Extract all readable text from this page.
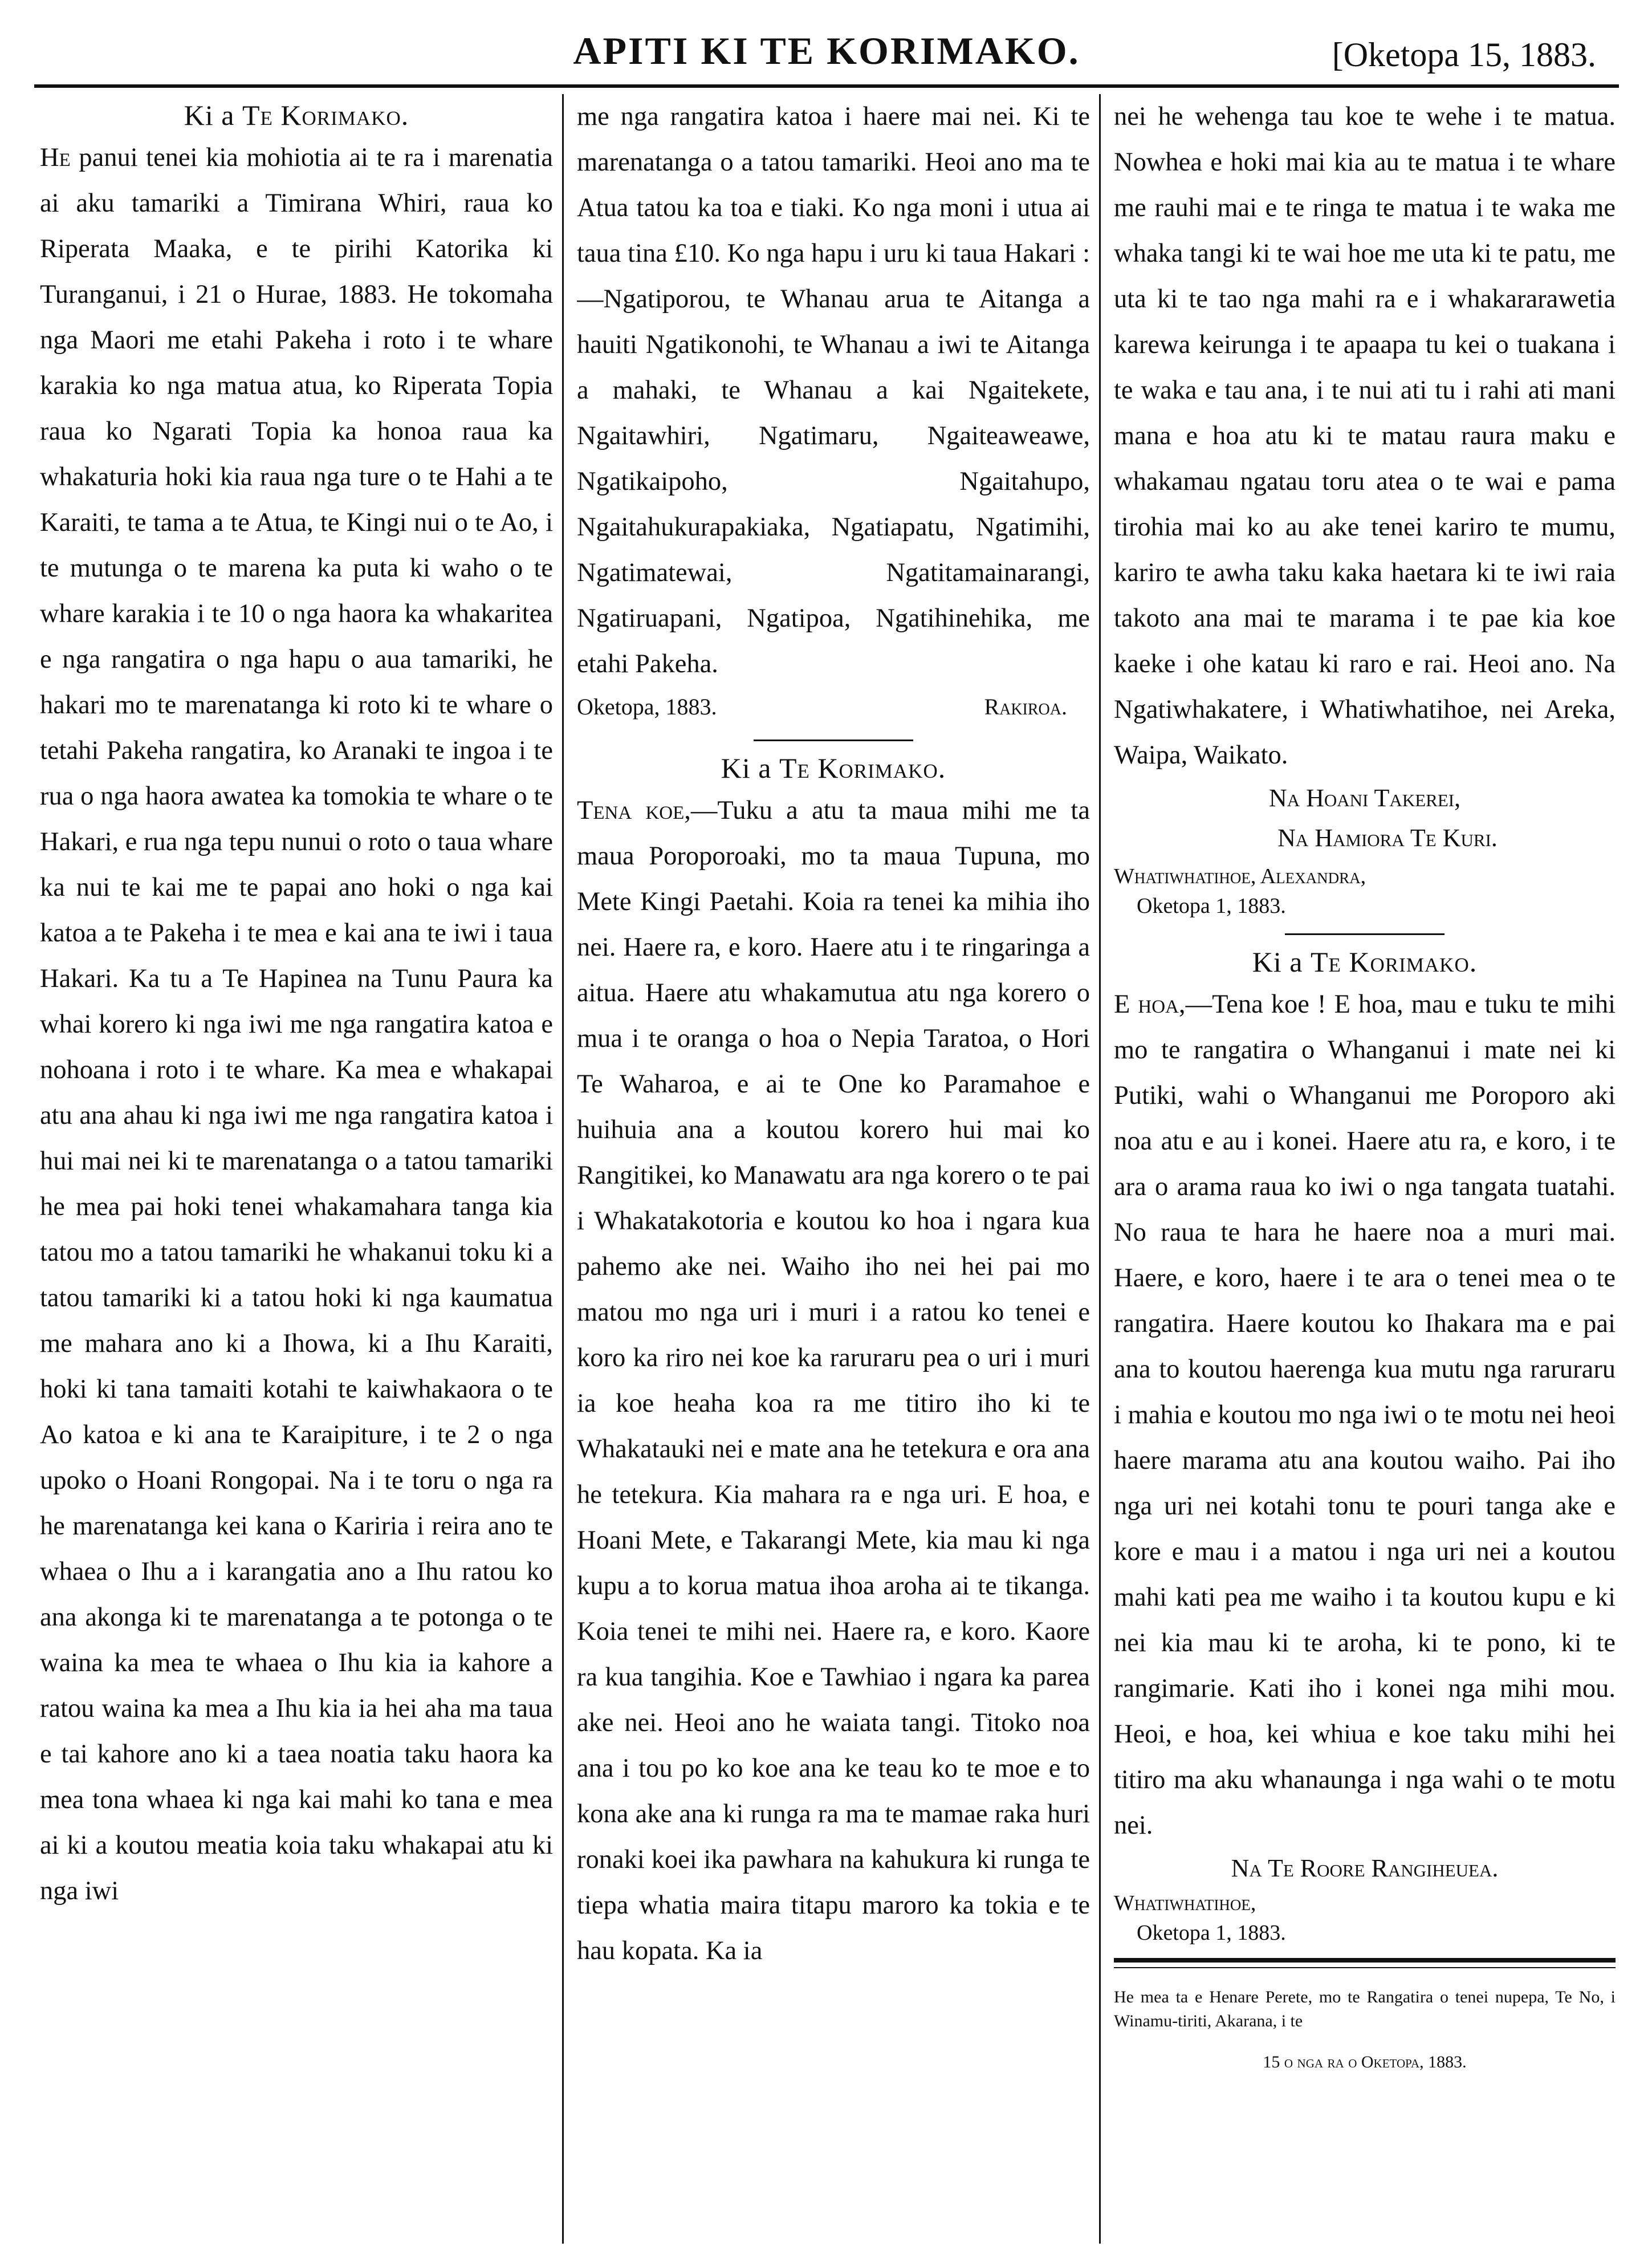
APITI KI TE KORIMAKO.	[Oketopa 15, 1883.
Ki a Te Korimako.

He panui tenei kia mohiotia ai te ra i marenatia ai aku tamariki a Timirana Whiri, raua ko Riperata Maaka, e te pirihi Katorika ki Turanganui, i 21 o Hurae, 1883. He tokomaha nga Maori me etahi Pakeha i roto i te whare karakia ko nga matua atua, ko Riperata Topia raua ko Ngarati Topia ka honoa raua ka whakaturia hoki kia raua nga ture o te Hahi a te Karaiti, te tama a te Atua, te Kingi nui o te Ao, i te mutunga o te marena ka puta ki waho o te whare karakia i te 10 o nga haora ka whakaritea e nga rangatira o nga hapu o aua tamariki, he hakari mo te marenatanga ki roto ki te whare o tetahi Pakeha rangatira, ko Aranaki te ingoa i te rua o nga haora awatea ka tomokia te whare o te Hakari, e rua nga tepu nunui o roto o taua whare ka nui te kai me te papai ano hoki o nga kai katoa a te Pakeha i te mea e kai ana te iwi i taua Hakari. Ka tu a Te Hapinea na Tunu Paura ka whai korero ki nga iwi me nga rangatira katoa e nohoana i roto i te whare. Ka mea e whakapai atu ana ahau ki nga iwi me nga rangatira katoa i hui mai nei ki te marenatanga o a tatou tamariki he mea pai hoki tenei whakamahara tanga kia tatou mo a tatou tamariki he whakanui toku ki a tatou tamariki ki a tatou hoki ki nga kaumatua me mahara ano ki a Ihowa, ki a Ihu Karaiti, hoki ki tana tamaiti kotahi te kaiwhakaora o te Ao katoa e ki ana te Karaipiture, i te 2 o nga upoko o Hoani Rongopai. Na i te toru o nga ra he marenatanga kei kana o Kariria i reira ano te whaea o Ihu a i karangatia ano a Ihu ratou ko ana akonga ki te marenatanga a te potonga o te waina ka mea te whaea o Ihu kia ia kahore a ratou waina ka mea a Ihu kia ia hei aha ma taua e tai kahore ano ki a taea noatia taku haora ka mea tona whaea ki nga kai mahi ko tana e mea ai ki a koutou meatia koia taku whakapai atu ki nga iwi

me nga rangatira katoa i haere mai nei. Ki te marenatanga o a tatou tamariki. Heoi ano ma te Atua tatou ka toa e tiaki. Ko nga moni i utua ai taua tina £10. Ko nga hapu i uru ki taua Hakari :—Ngatiporou, te Whanau arua te Aitanga a hauiti Ngatikonohi, te Whanau a iwi te Aitanga a mahaki, te Whanau a kai Ngaitekete, Ngaitawhiri, Ngatimaru, Ngaiteaweawe, Ngatikaipoho, Ngaitahupo, Ngaitahukurapakiaka, Ngatiapatu, Ngatimihi, Ngatimatewai, Ngatitamainarangi, Ngatiruapani, Ngatipoa, Ngatihinehika, me etahi Pakeha.

Oketopa, 1883.	Rakiroa.
Ki a Te Korimako.

Tena koe,—Tuku a atu ta maua mihi me ta maua Poroporoaki, mo ta maua Tupuna, mo Mete Kingi Paetahi. Koia ra tenei ka mihia iho nei. Haere ra, e koro. Haere atu i te ringaringa a aitua. Haere atu whakamutua atu nga korero o mua i te oranga o hoa o Nepia Taratoa, o Hori Te Waharoa, e ai te One ko Paramahoe e huihuia ana a koutou korero hui mai ko Rangitikei, ko Manawatu ara nga korero o te pai i Whakatakotoria e koutou ko hoa i ngara kua pahemo ake nei. Waiho iho nei hei pai mo matou mo nga uri i muri i a ratou ko tenei e koro ka riro nei koe ka raruraru pea o uri i muri ia koe heaha koa ra me titiro iho ki te Whakatauki nei e mate ana he tetekura e ora ana he tetekura. Kia mahara ra e nga uri. E hoa, e Hoani Mete, e Takarangi Mete, kia mau ki nga kupu a to korua matua ihoa aroha ai te tikanga. Koia tenei te mihi nei. Haere ra, e koro. Kaore ra kua tangihia. Koe e Tawhiao i ngara ka parea ake nei. Heoi ano he waiata tangi. Titoko noa ana i tou po ko koe ana ke teau ko te moe e to kona ake ana ki runga ra ma te mamae raka huri ronaki koei ika pawhara na kahukura ki runga te tiepa whatia maira titapu maroro ka tokia e te hau kopata. Ka ia

nei he wehenga tau koe te wehe i te matua. Nowhea e hoki mai kia au te matua i te whare me rauhi mai e te ringa te matua i te waka me whaka tangi ki te wai hoe me uta ki te patu, me uta ki te tao nga mahi ra e i whakararawetia karewa keirunga i te apaapa tu kei o tuakana i te waka e tau ana, i te nui ati tu i rahi ati mani mana e hoa atu ki te matau raura maku e whakamau ngatau toru atea o te wai e pama tirohia mai ko au ake tenei kariro te mumu, kariro te awha taku kaka haetara ki te iwi raia takoto ana mai te marama i te pae kia koe kaeke i ohe katau ki raro e rai. Heoi ano. Na Ngatiwhakatere, i Whatiwhatihoe, nei Areka, Waipa, Waikato.

Na Hoani Takerei,

Na Hamiora Te Kuri.

Whatiwhatihoe, Alexandra,

Oketopa 1, 1883.

Ki a Te Korimako.

E hoa,—Tena koe ! E hoa, mau e tuku te mihi mo te rangatira o Whanganui i mate nei ki Putiki, wahi o Whanganui me Poroporo aki noa atu e au i konei. Haere atu ra, e koro, i te ara o arama raua ko iwi o nga tangata tuatahi. No raua te hara he haere noa a muri mai. Haere, e koro, haere i te ara o tenei mea o te rangatira. Haere koutou ko Ihakara ma e pai ana to koutou haerenga kua mutu nga raruraru i mahia e koutou mo nga iwi o te motu nei heoi haere marama atu ana koutou waiho. Pai iho nga uri nei kotahi tonu te pouri tanga ake e kore e mau i a matou i nga uri nei a koutou mahi kati pea me waiho i ta koutou kupu e ki nei kia mau ki te aroha, ki te pono, ki te rangimarie. Kati iho i konei nga mihi mou. Heoi, e hoa, kei whiua e koe taku mihi hei titiro ma aku whanaunga i nga wahi o te motu nei.

Na Te Roore Rangiheuea.

Whatiwhatihoe,

Oketopa 1, 1883.

He mea ta e Henare Perete, mo te Rangatira o tenei nupepa, Te No, i Winamu-tiriti, Akarana, i te

15 o nga ra o Oketopa, 1883.
